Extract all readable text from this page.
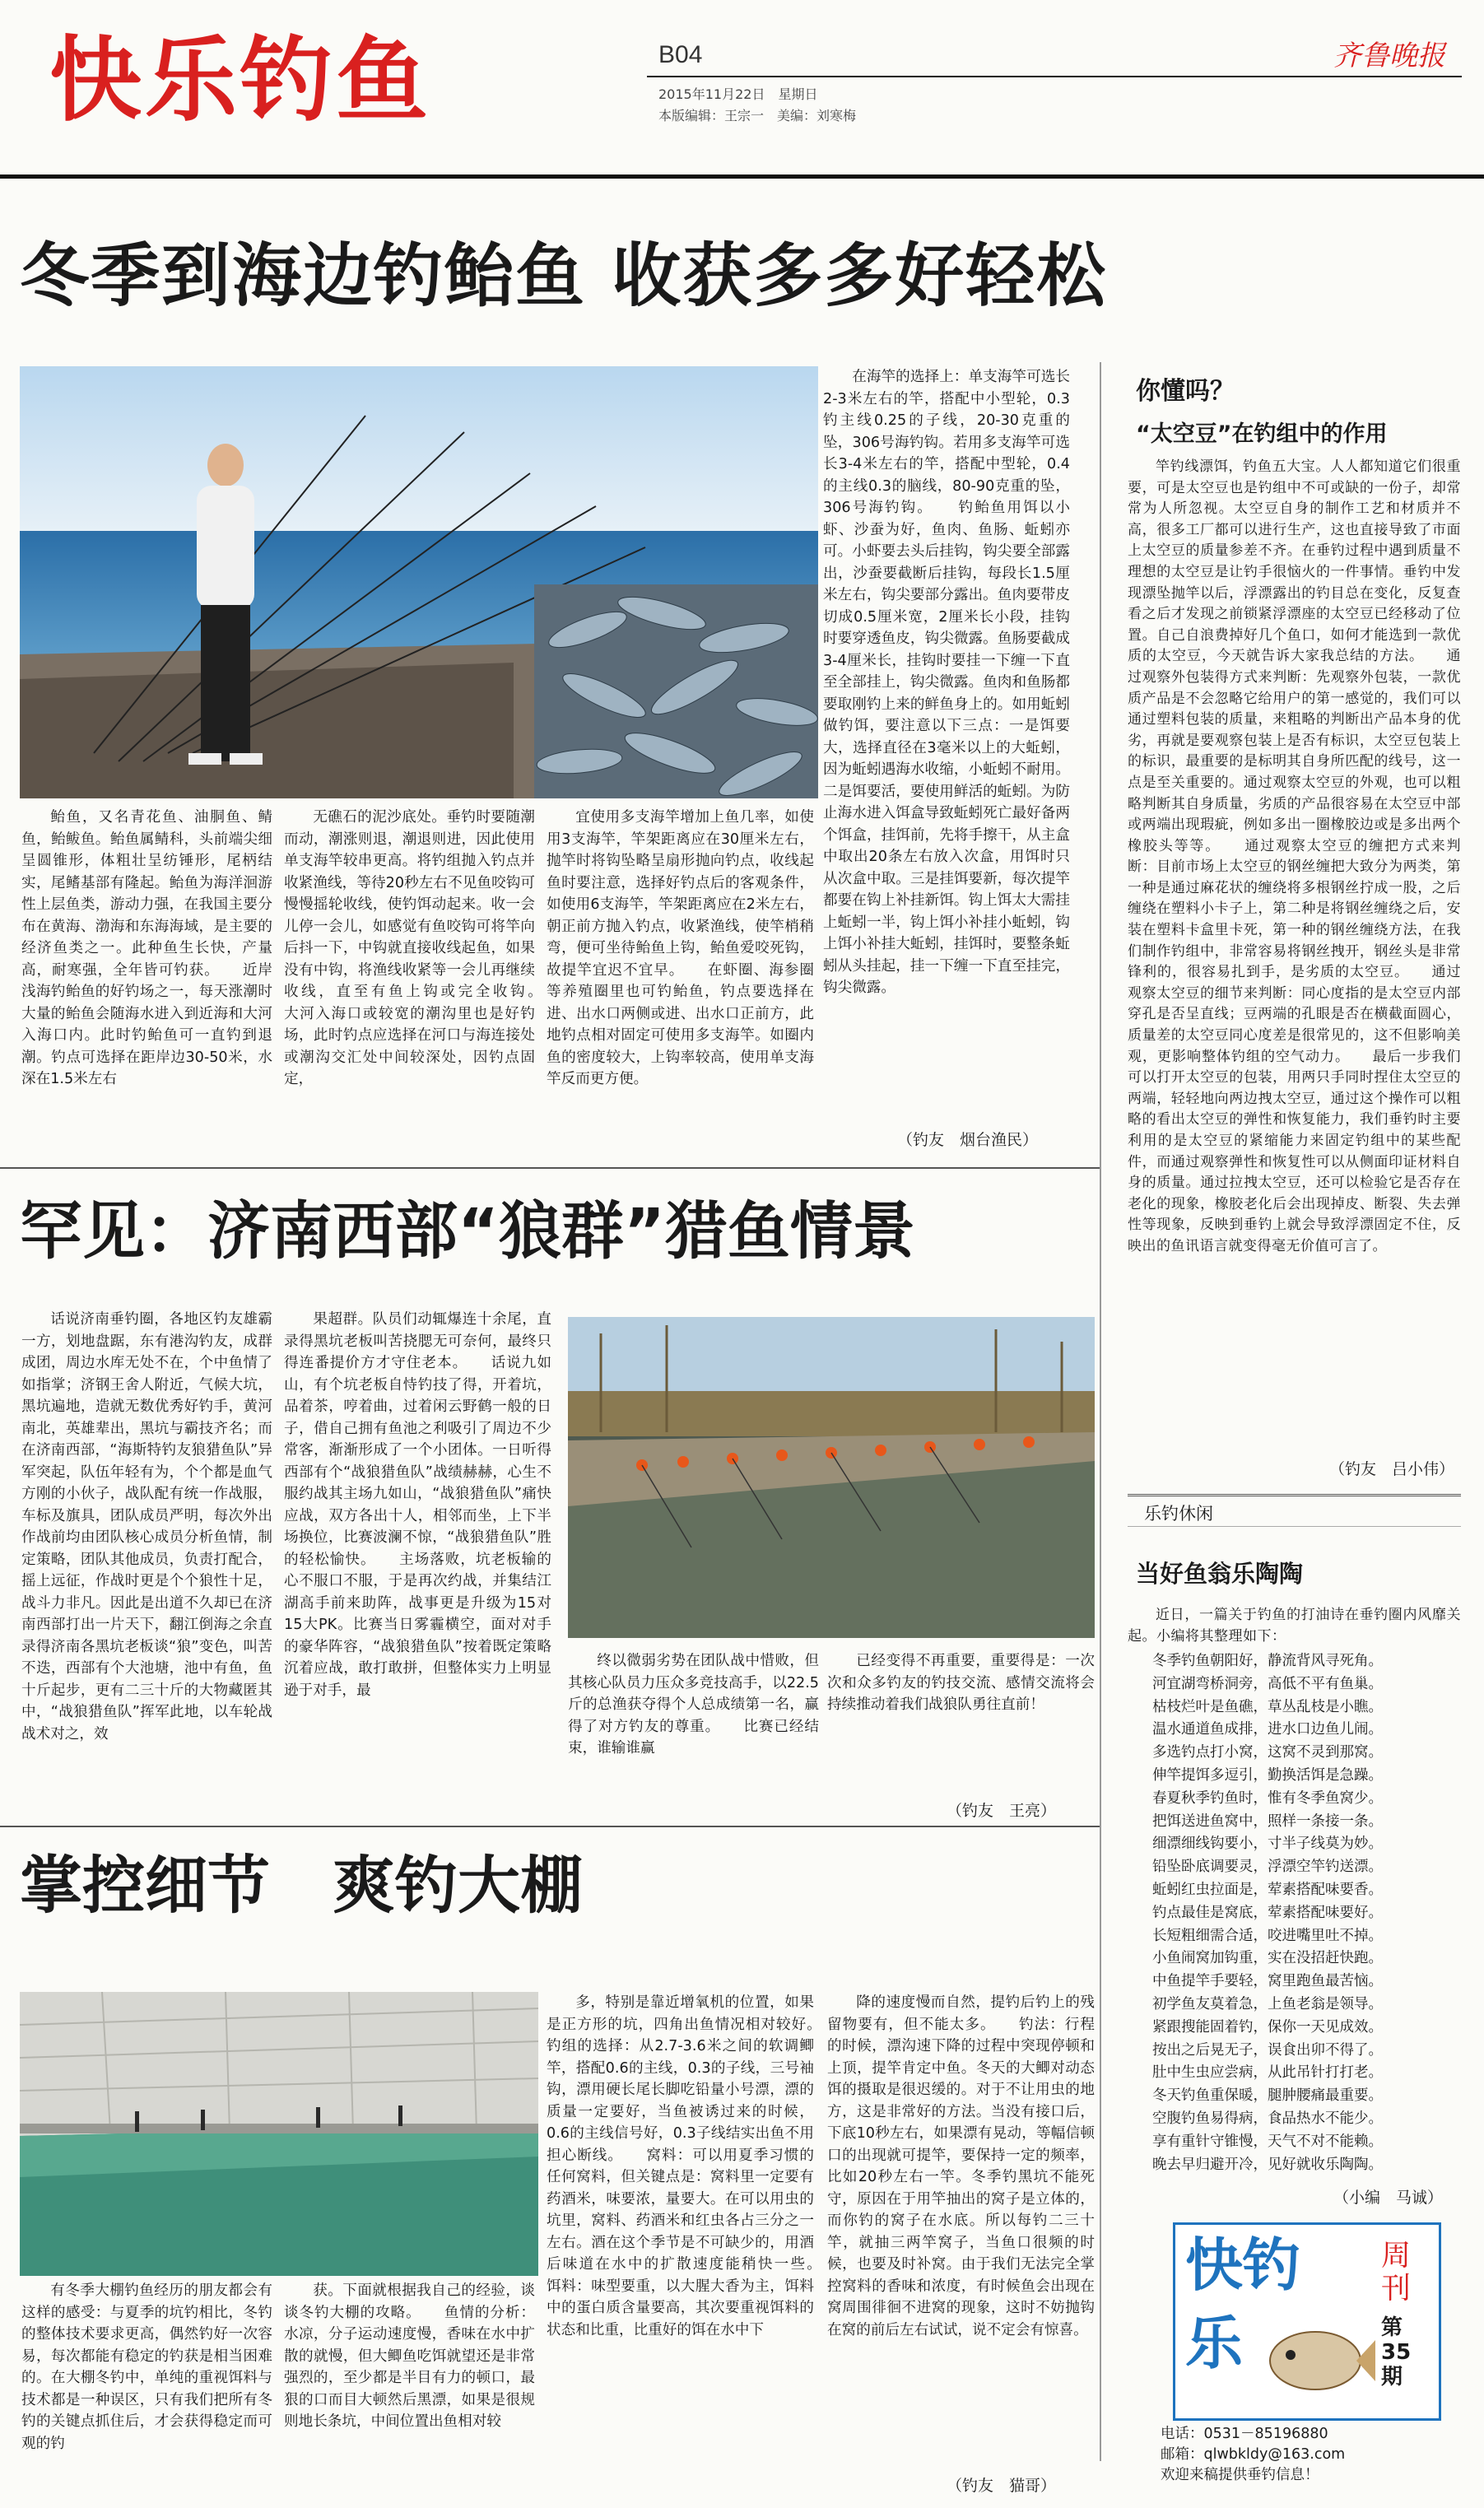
快乐钓鱼	B04
2015年11月22日　星期日
本版编辑：王宗一　美编：刘寒梅
齐鲁晚报
冬季到海边钓鲐鱼 收获多多好轻松

在海竿的选择上：单支海竿可选长2-3米左右的竿，搭配中小型轮，0.3钓主线0.25的子线，20-30克重的坠，306号海钓钩。若用多支海竿可选长3-4米左右的竿，搭配中型轮，0.4的主线0.3的脑线，80-90克重的坠，306号海钓钩。　　钓鲐鱼用饵以小虾、沙蚕为好，鱼肉、鱼肠、蚯蚓亦可。小虾要去头后挂钩，钩尖要全部露出，沙蚕要截断后挂钩，每段长1.5厘米左右，钩尖要部分露出。鱼肉要带皮切成0.5厘米宽，2厘米长小段，挂钩时要穿透鱼皮，钩尖微露。鱼肠要截成3-4厘米长，挂钩时要挂一下缠一下直至全部挂上，钩尖微露。鱼肉和鱼肠都要取刚钓上来的鲜鱼身上的。如用蚯蚓做钓饵，要注意以下三点：一是饵要大，选择直径在3毫米以上的大蚯蚓，因为蚯蚓遇海水收缩，小蚯蚓不耐用。二是饵要活，要使用鲜活的蚯蚓。为防止海水进入饵盒导致蚯蚓死亡最好备两个饵盒，挂饵前，先将手擦干，从主盒中取出20条左右放入次盒，用饵时只从次盒中取。三是挂饵要新，每次提竿都要在钩上补挂新饵。钩上饵太大需挂上蚯蚓一半，钩上饵小补挂小蚯蚓，钩上饵小补挂大蚯蚓，挂饵时，要整条蚯蚓从头挂起，挂一下缠一下直至挂完，钩尖微露。

（钓友　烟台渔民）

鲐鱼，又名青花鱼、油胴鱼、鲭鱼，鲐鲅鱼。鲐鱼属鲭科，头前端尖细呈圆锥形，体粗壮呈纺锤形，尾柄结实，尾鳍基部有隆起。鲐鱼为海洋洄游性上层鱼类，游动力强，在我国主要分布在黄海、渤海和东海海域，是主要的经济鱼类之一。此种鱼生长快，产量高，耐寒强，全年皆可钓获。　　近岸浅海钓鲐鱼的好钓场之一，每天涨潮时大量的鲐鱼会随海水进入到近海和大河入海口内。此时钓鲐鱼可一直钓到退潮。钓点可选择在距岸边30-50米，水深在1.5米左右

无礁石的泥沙底处。垂钓时要随潮而动，潮涨则退，潮退则进，因此使用单支海竿较串更高。将钓组抛入钓点并收紧渔线，等待20秒左右不见鱼咬钩可慢慢摇轮收线，使钓饵动起来。收一会儿停一会儿，如感觉有鱼咬钩可将竿向后抖一下，中钩就直接收线起鱼，如果没有中钩，将渔线收紧等一会儿再继续收线，直至有鱼上钩或完全收钩。　　大河入海口或较宽的潮沟里也是好钓场，此时钓点应选择在河口与海连接处或潮沟交汇处中间较深处，因钓点固定，

宜使用多支海竿增加上鱼几率，如使用3支海竿，竿架距离应在30厘米左右，抛竿时将钩坠略呈扇形抛向钓点，收线起鱼时要注意，选择好钓点后的客观条件，如使用6支海竿，竿架距离应在2米左右，朝正前方抛入钓点，收紧渔线，使竿梢稍弯，便可坐待鲐鱼上钩，鲐鱼爱咬死钩，故提竿宜迟不宜早。　　在虾圈、海参圈等养殖圈里也可钓鲐鱼，钓点要选择在进、出水口两侧或进、出水口正前方，此地钓点相对固定可使用多支海竿。如圈内鱼的密度较大，上钩率较高，使用单支海竿反而更方便。

你懂吗？
“太空豆”在钓组中的作用

竿钓线漂饵，钓鱼五大宝。人人都知道它们很重要，可是太空豆也是钓组中不可或缺的一份子，却常常为人所忽视。太空豆自身的制作工艺和材质并不高，很多工厂都可以进行生产，这也直接导致了市面上太空豆的质量参差不齐。在垂钓过程中遇到质量不理想的太空豆是让钓手很恼火的一件事情。垂钓中发现漂坠抛竿以后，浮漂露出的钓目总在变化，反复查看之后才发现之前锁紧浮漂座的太空豆已经移动了位置。自己自浪费掉好几个鱼口，如何才能选到一款优质的太空豆，今天就告诉大家我总结的方法。　　通过观察外包装得方式来判断：先观察外包装，一款优质产品是不会忽略它给用户的第一感觉的，我们可以通过塑料包装的质量，来粗略的判断出产品本身的优劣，再就是要观察包装上是否有标识，太空豆包装上的标识，最重要的是标明其自身所匹配的线号，这一点是至关重要的。通过观察太空豆的外观，也可以粗略判断其自身质量，劣质的产品很容易在太空豆中部或两端出现瑕疵，例如多出一圈橡胶边或是多出两个橡胶头等等。　　通过观察太空豆的缠把方式来判断：目前市场上太空豆的钢丝缠把大致分为两类，第一种是通过麻花状的缠绕将多根钢丝拧成一股，之后缠绕在塑料小卡子上，第二种是将钢丝缠绕之后，安装在塑料卡盒里卡死，第一种的钢丝缠绕方法，在我们制作钓组中，非常容易将钢丝拽开，钢丝头是非常锋利的，很容易扎到手，是劣质的太空豆。　　通过观察太空豆的细节来判断：同心度指的是太空豆内部穿孔是否呈直线；豆两端的孔眼是否在横截面圆心，质量差的太空豆同心度差是很常见的，这不但影响美观，更影响整体钓组的空气动力。　　最后一步我们可以打开太空豆的包装，用两只手同时捏住太空豆的两端，轻轻地向两边拽太空豆，通过这个操作可以粗略的看出太空豆的弹性和恢复能力，我们垂钓时主要利用的是太空豆的紧缩能力来固定钓组中的某些配件，而通过观察弹性和恢复性可以从侧面印证材料自身的质量。通过拉拽太空豆，还可以检验它是否存在老化的现象，橡胶老化后会出现掉皮、断裂、失去弹性等现象，反映到垂钓上就会导致浮漂固定不住，反映出的鱼讯语言就变得毫无价值可言了。

（钓友　吕小伟）
乐钓休闲
当好鱼翁乐陶陶

近日，一篇关于钓鱼的打油诗在垂钓圈内风靡关起。小编将其整理如下：

冬季钓鱼朝阳好，静流背风寻死角。
河宜湖弯桥洞旁，高低不平有鱼巢。
枯枝烂叶是鱼礁，草丛乱枝是小瞧。
温水通道鱼成排，进水口边鱼儿闹。
多选钓点打小窝，这窝不灵到那窝。
伸竿提饵多逗引，勤换活饵是急躁。
春夏秋季钓鱼时，惟有冬季鱼窝少。
把饵送进鱼窝中，照样一条接一条。
细漂细线钩要小，寸半子线莫为妙。
铅坠卧底调要灵，浮漂空竿钓送漂。
蚯蚓红虫拉面是，荤素搭配味要香。
钓点最佳是窝底，荤素搭配味要好。
长短粗细需合适，咬进嘴里吐不掉。
小鱼闹窝加钩重，实在没招赶快跑。
中鱼提竿手要轻，窝里跑鱼最苦恼。
初学鱼友莫着急，上鱼老翁是领导。
紧跟搜能固着钓，保你一天见成效。
按出之后晃无子，误食出卯不得了。
肚中生虫应尝病，从此吊针打打老。
冬天钓鱼重保暖，腿肿腰痛最重要。
空腹钓鱼易得病，食品热水不能少。
享有重针守锥慢，天气不对不能赖。
晚去早归避开冷，见好就收乐陶陶。
（小编　马诚）
快钓
乐
周刊
第35期
电话：0531－85196880
邮箱：qlwbkldy@163.com
欢迎来稿提供垂钓信息！
罕见：济南西部“狼群”猎鱼情景

话说济南垂钓圈，各地区钓友雄霸一方，划地盘踞，东有港沟钓友，成群成团，周边水库无处不在，个中鱼情了如指掌；济钢王舍人附近，气候大坑，黑坑遍地，造就无数优秀好钓手，黄河南北，英雄辈出，黑坑与霸技齐名；而在济南西部，“海斯特钓友狼猎鱼队”异军突起，队伍年轻有为，个个都是血气方刚的小伙子，战队配有统一作战服，车标及旗具，团队成员严明，每次外出作战前均由团队核心成员分析鱼情，制定策略，团队其他成员，负责打配合，摇上远征，作战时更是个个狼性十足，战斗力非凡。因此是出道不久却已在济南西部打出一片天下，翻江倒海之余直录得济南各黑坑老板谈“狼”变色，叫苦不迭，西部有个大池塘，池中有鱼，鱼十斤起步，更有二三十斤的大物藏匿其中，“战狼猎鱼队”挥军此地，以车轮战战术对之，效

果超群。队员们动辄爆连十余尾，直录得黑坑老板叫苦挠腮无可奈何，最终只得连番提价方才守住老本。　　话说九如山，有个坑老板自恃钓技了得，开着坑，品着茶，哼着曲，过着闲云野鹤一般的日子，借自己拥有鱼池之利吸引了周边不少常客，渐渐形成了一个小团体。一日听得西部有个“战狼猎鱼队”战绩赫赫，心生不服约战其主场九如山，“战狼猎鱼队”痛快应战，双方各出十人，相邻而坐，上下半场换位，比赛波澜不惊，“战狼猎鱼队”胜的轻松愉快。　　主场落败，坑老板输的心不服口不服，于是再次约战，并集结江湖高手前来助阵，战事更是升级为15对15大PK。比赛当日雾霾横空，面对对手的豪华阵容，“战狼猎鱼队”按着既定策略沉着应战，敢打敢拼，但整体实力上明显逊于对手，最

终以微弱劣势在团队战中惜败，但其核心队员力压众多竞技高手，以22.5斤的总渔获夺得个人总成绩第一名，赢得了对方钓友的尊重。　　比赛已经结束，谁输谁赢

已经变得不再重要，重要得是：一次次和众多钓友的钓技交流、感情交流将会持续推动着我们战狼队勇往直前！

（钓友　王亮）
掌控细节　爽钓大棚

有冬季大棚钓鱼经历的朋友都会有这样的感受：与夏季的坑钓相比，冬钓的整体技术要求更高，偶然钓好一次容易，每次都能有稳定的钓获是相当困难的。在大棚冬钓中，单纯的重视饵料与技术都是一种误区，只有我们把所有冬钓的关键点抓住后，才会获得稳定而可观的钓

获。下面就根据我自己的经验，谈谈冬钓大棚的攻略。　　鱼情的分析：水凉，分子运动速度慢，香味在水中扩散的就慢，但大鲫鱼吃饵就望还是非常强烈的，至少都是半目有力的顿口，最狠的口而目大顿然后黑漂，如果是很规则地长条坑，中间位置出鱼相对较

多，特别是靠近增氧机的位置，如果是正方形的坑，四角出鱼情况相对较好。　　钓组的选择：从2.7-3.6米之间的软调鲫竿，搭配0.6的主线，0.3的子线，三号袖钩，漂用硬长尾长脚吃铅量小号漂，漂的质量一定要好，当鱼被诱过来的时候，0.6的主线信号好，0.3子线结实出鱼不用担心断线。　　窝料：可以用夏季习惯的任何窝料，但关键点是：窝料里一定要有药酒米，味要浓，量要大。在可以用虫的坑里，窝料、药酒米和红虫各占三分之一左右。酒在这个季节是不可缺少的，用酒后味道在水中的扩散速度能稍快一些。　　饵料：味型要重，以大腥大香为主，饵料中的蛋白质含量要高，其次要重视饵料的状态和比重，比重好的饵在水中下

降的速度慢而自然，提钓后钓上的残留物要有，但不能太多。　　钓法：行程的时候，漂沟速下降的过程中突现停顿和上顶，提竿肯定中鱼。冬天的大鲫对动态饵的摄取是很迟缓的。对于不让用虫的地方，这是非常好的方法。当没有接口后，下底10秒左右，如果漂有晃动，等幅信顿口的出现就可提竿，要保持一定的频率，比如20秒左右一竿。冬季钓黑坑不能死守，原因在于用竿抽出的窝子是立体的，而你钓的窝子在水底。所以每钓二三十竿，就抽三两竿窝子，当鱼口很频的时候，也要及时补窝。由于我们无法完全掌控窝料的香味和浓度，有时候鱼会出现在窝周围徘徊不进窝的现象，这时不妨抛钩在窝的前后左右试试，说不定会有惊喜。

（钓友　猫哥）
